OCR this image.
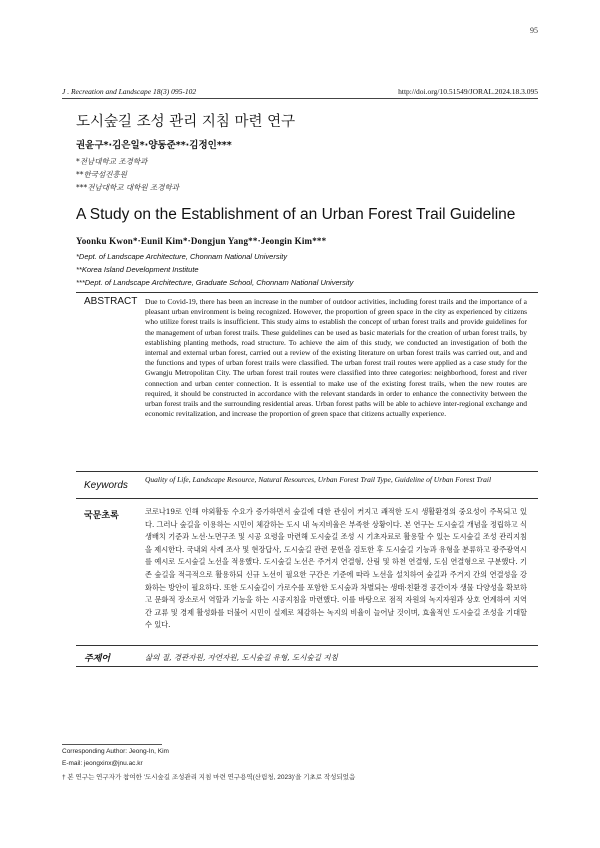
95
J . Recreation and Landscape 18(3) 095-102	http://doi.org/10.51549/JORAL.2024.18.3.095
도시숲길 조성 관리 지침 마련 연구
권윤구*·김은일*·양동준**·김정인***
*전남대학교 조경학과
**한국섬진흥원
***전남대학교 대학원 조경학과
A Study on the Establishment of an Urban Forest Trail Guideline
Yoonku Kwon*·Eunil Kim*·Dongjun Yang**·Jeongin Kim***
*Dept. of Landscape Architecture, Chonnam National University
**Korea Island Development Institute
***Dept. of Landscape Architecture, Graduate School, Chonnam National University
ABSTRACT Due to Covid-19, there has been an increase in the number of outdoor activities, including forest trails and the importance of a pleasant urban environment is being recognized. However, the proportion of green space in the city as experienced by citizens who utilize forest trails is insufficient. This study aims to establish the concept of urban forest trails and provide guidelines for the management of urban forest trails. These guidelines can be used as basic materials for the creation of urban forest trails, by establishing planting methods, road structure. To achieve the aim of this study, we conducted an investigation of both the internal and external urban forest, carried out a review of the existing literature on urban forest trails was carried out, and and the functions and types of urban forest trails were classified. The urban forest trail routes were applied as a case study for the Gwangju Metropolitan City. The urban forest trail routes were classified into three categories: neighborhood, forest and river connection and urban center connection. It is essential to make use of the existing forest trails, when the new routes are required, it should be constructed in accordance with the relevant standards in order to enhance the connectivity between the urban forest trails and the surrounding residential areas. Urban forest paths will be able to achieve inter-regional exchange and economic revitalization, and increase the proportion of green space that citizens actually experience.

Keywords
Quality of Life, Landscape Resource, Natural Resources, Urban Forest Trail Type, Guideline of Urban Forest Trail
국문초록	코로나19로 인해 야외활동 수요가 증가하면서 숲길에 대한 관심이 커지고 쾌적한 도시 생활환경의 중요성이 주목되고 있다. 그러나 숲길을 이용하는 시민이 체감하는 도시 내 녹지비율은 부족한 상황이다. 본 연구는 도시숲길 개념을 정립하고 식생배치 기준과 노선·노면구조 및 시공 요령을 마련해 도시숲길 조성 시 기초자료로 활용할 수 있는 도시숲길 조성 관리지침을 제시한다. 국내외 사례 조사 및 현장답사, 도시숲길 관련 문헌을 검토한 후 도시숲길 기능과 유형을 분류하고 광주광역시를 예시로 도시숲길 노선을 적용했다. 도시숲길 노선은 주거지 연결형, 산림 및 하천 연결형, 도심 연결형으로 구분했다. 기존 숲길을 적극적으로 활용하되 신규 노선이 필요한 구간은 기준에 따라 노선을 설치하여 숲길과 주거지 간의 연결성을 강화하는 방안이 필요하다. 또한 도시숲길이 가로수를 포함한 도시숲과 차별되는 생태·친환경 공간이자 생물 다양성을 확보하고 문화적 장소로서 역할과 기능을 하는 시공지침을 마련했다. 이를 바탕으로 점적 자원의 녹지자원과 상호 연계하여 지역간 교류 및 경제 활성화를 더불어 시민이 실제로 체감하는 녹지의 비율이 늘어날 것이며, 효율적인 도시숲길 조성을 기대할 수 있다.

주제어	삶의 질, 경관자원, 자연자원, 도시숲길 유형, 도시숲길 지침
Corresponding Author: Jeong-In, Kim
E-mail: jeongxinx@jnu.ac.kr
† 본 연구는 연구자가 참여한 '도시숲길 조성관리 지침 마련 연구용역(산림청, 2023)'을 기초로 작성되었음
